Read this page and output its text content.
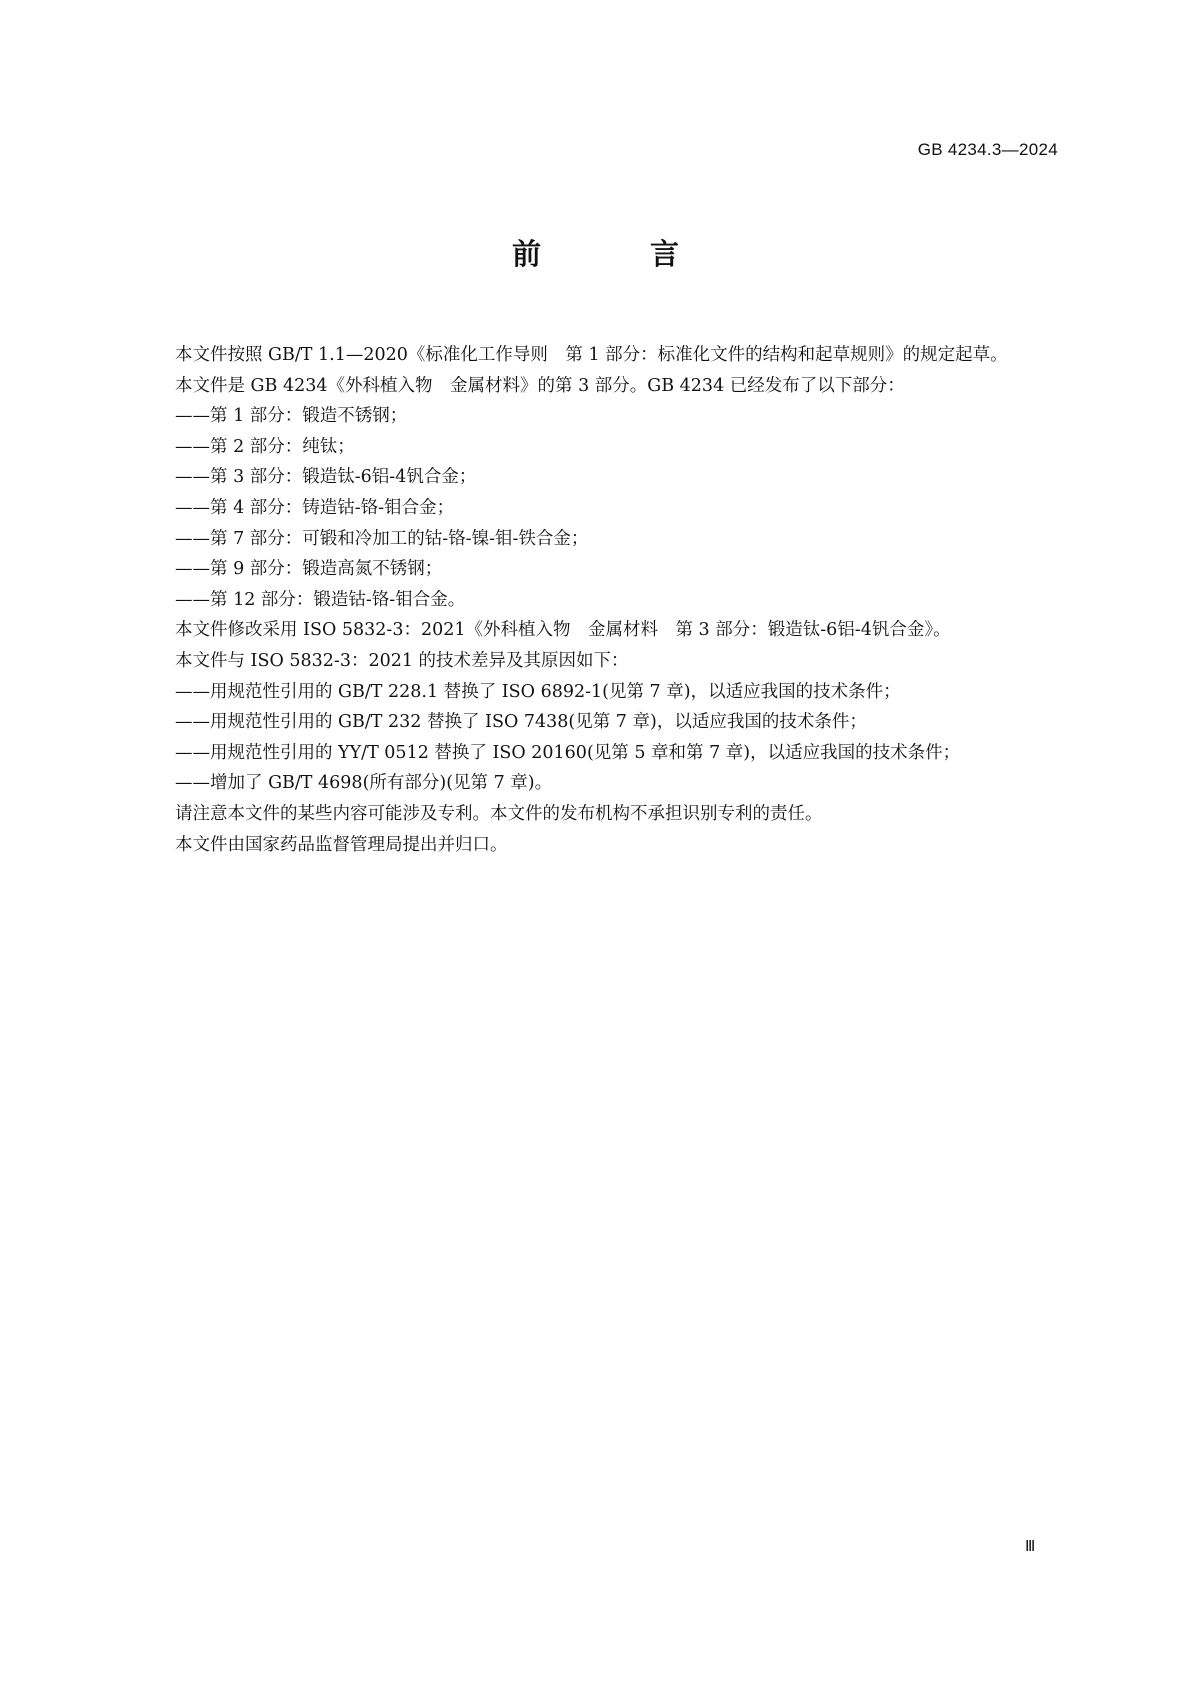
GB 4234.3—2024

前　言

本文件按照 GB/T 1.1—2020《标准化工作导则　第 1 部分：标准化文件的结构和起草规则》的规定起草。

本文件是 GB 4234《外科植入物　金属材料》的第 3 部分。GB 4234 已经发布了以下部分：

——第 1 部分：锻造不锈钢；

——第 2 部分：纯钛；

——第 3 部分：锻造钛-6铝-4钒合金；

——第 4 部分：铸造钴-铬-钼合金；

——第 7 部分：可锻和冷加工的钴-铬-镍-钼-铁合金；

——第 9 部分：锻造高氮不锈钢；

——第 12 部分：锻造钴-铬-钼合金。

本文件修改采用 ISO 5832-3：2021《外科植入物　金属材料　第 3 部分：锻造钛-6铝-4钒合金》。

本文件与 ISO 5832-3：2021 的技术差异及其原因如下：

——用规范性引用的 GB/T 228.1 替换了 ISO 6892-1(见第 7 章)，以适应我国的技术条件；

——用规范性引用的 GB/T 232 替换了 ISO 7438(见第 7 章)，以适应我国的技术条件；

——用规范性引用的 YY/T 0512 替换了 ISO 20160(见第 5 章和第 7 章)，以适应我国的技术条件；

——增加了 GB/T 4698(所有部分)(见第 7 章)。

请注意本文件的某些内容可能涉及专利。本文件的发布机构不承担识别专利的责任。

本文件由国家药品监督管理局提出并归口。

Ⅲ
